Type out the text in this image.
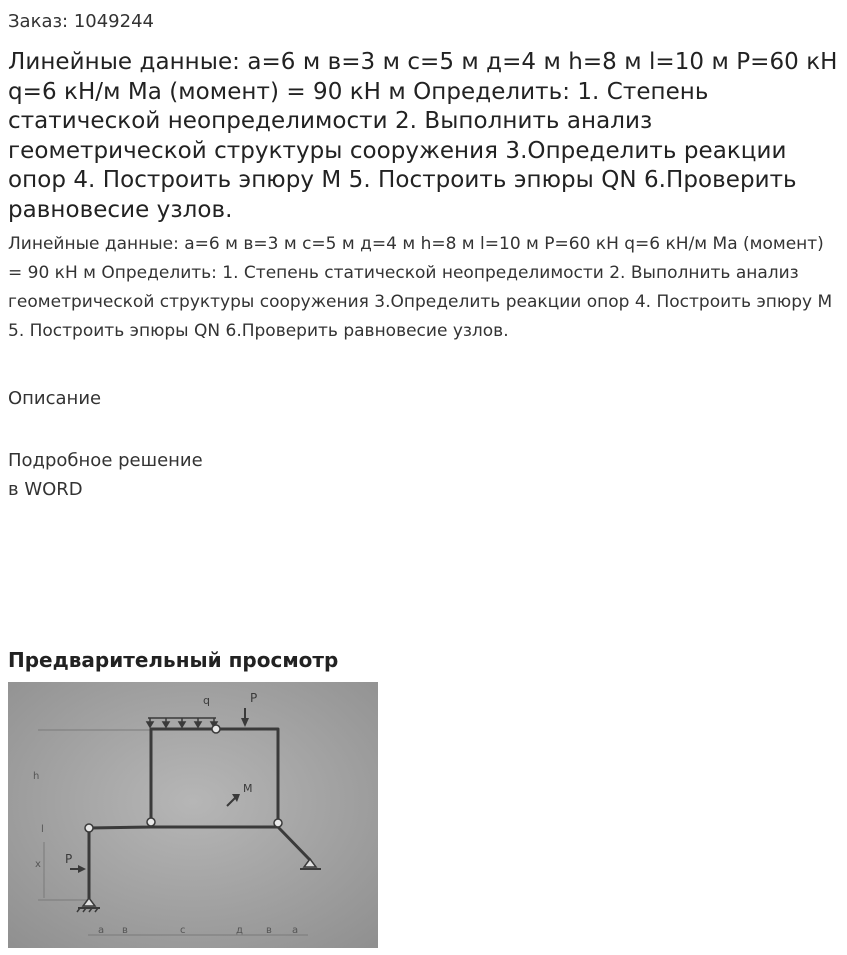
Заказ: 1049244
Линейные данные: а=6 м в=3 м с=5 м д=4 м h=8 м l=10 м Р=60 кН q=6 кН/м Ма (момент) = 90 кН м Определить: 1. Степень статической неопределимости 2. Выполнить анализ геометрической структуры сооружения 3.Определить реакции опор 4. Построить эпюру М 5. Построить эпюры QN 6.Проверить равновесие узлов.

Линейные данные: а=6 м в=3 м с=5 м д=4 м h=8 м l=10 м Р=60 кН q=6 кН/м Ма (момент) = 90 кН м Определить: 1. Степень статической неопределимости 2. Выполнить анализ геометрической структуры сооружения 3.Определить реакции опор 4. Построить эпюру М 5. Построить эпюры QN 6.Проверить равновесие узлов.

Описание
Подробное решение
в WORD
Предварительный просмотр
q	P
M
P
h
l
x
a в	c	д в a
